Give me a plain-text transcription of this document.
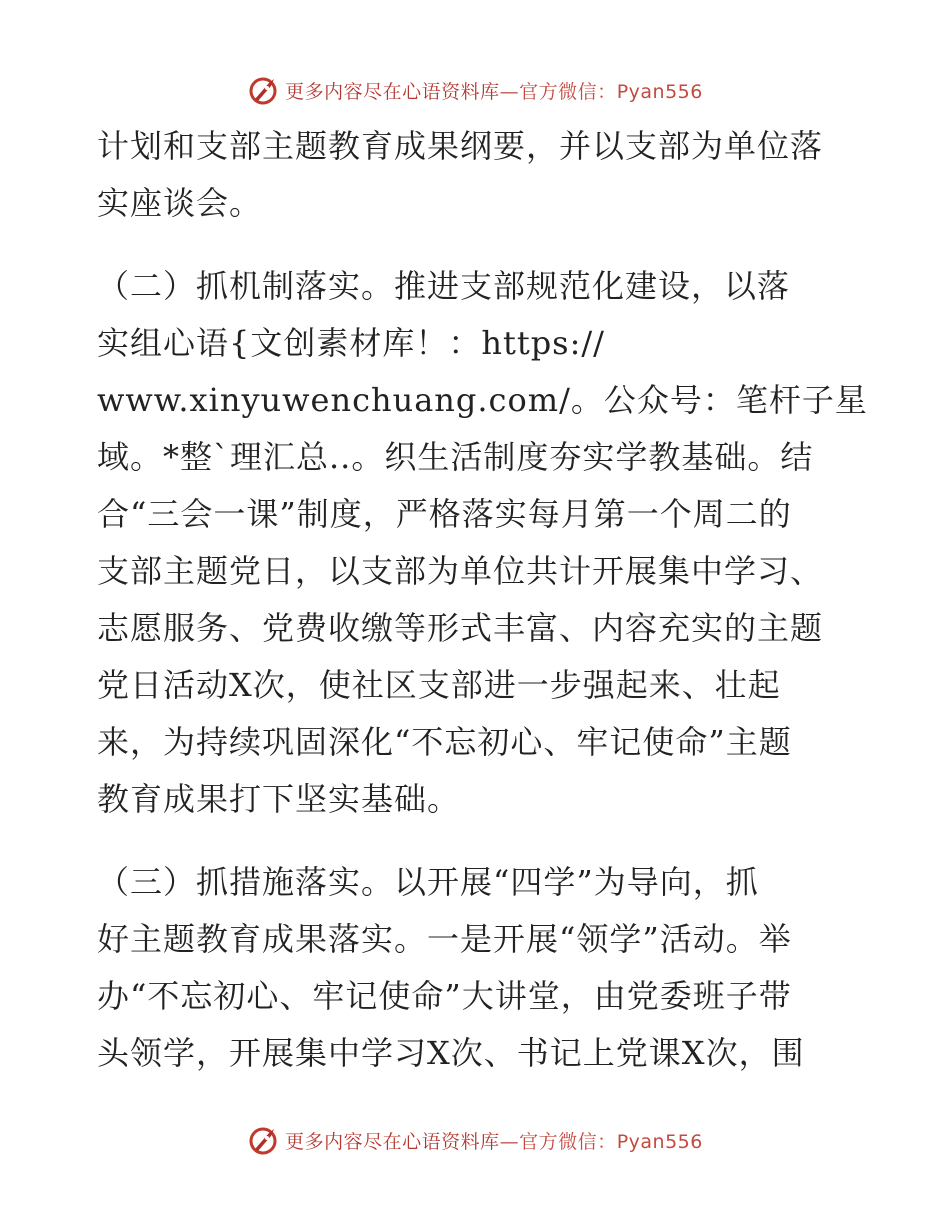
更多内容尽在心语资料库—官方微信：Pyan556

计划和支部主题教育成果纲要，并以支部为单位落
实座谈会。

（二）抓机制落实。推进支部规范化建设，以落
实组心语{文创素材库！：https://
www.xinyuwenchuang.com/。公众号：笔杆子星
域。*整ˋ理汇总..。织生活制度夯实学教基础。结
合“三会一课”制度，严格落实每月第一个周二的
支部主题党日，以支部为单位共计开展集中学习、
志愿服务、党费收缴等形式丰富、内容充实的主题
党日活动X次，使社区支部进一步强起来、壮起
来，为持续巩固深化“不忘初心、牢记使命”主题
教育成果打下坚实基础。

（三）抓措施落实。以开展“四学”为导向，抓
好主题教育成果落实。一是开展“领学”活动。举
办“不忘初心、牢记使命”大讲堂，由党委班子带
头领学，开展集中学习X次、书记上党课X次，围

更多内容尽在心语资料库—官方微信：Pyan556
